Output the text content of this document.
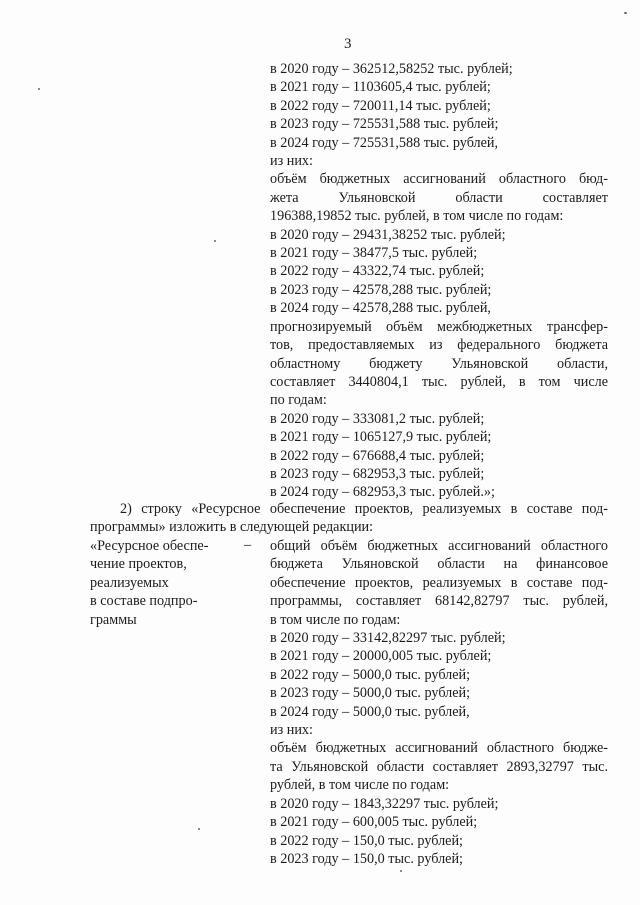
3
в 2020 году – 362512,58252 тыс. рублей;
в 2021 году – 1103605,4 тыс. рублей;
в 2022 году – 720011,14 тыс. рублей;
в 2023 году – 725531,588 тыс. рублей;
в 2024 году – 725531,588 тыс. рублей,
из них:
объём бюджетных ассигнований областного бюд-
жета Ульяновской области составляет
196388,19852 тыс. рублей, в том числе по годам:
в 2020 году – 29431,38252 тыс. рублей;
в 2021 году – 38477,5 тыс. рублей;
в 2022 году – 43322,74 тыс. рублей;
в 2023 году – 42578,288 тыс. рублей;
в 2024 году – 42578,288 тыс. рублей,
прогнозируемый объём межбюджетных трансфер-
тов, предоставляемых из федерального бюджета
областному бюджету Ульяновской области,
составляет 3440804,1 тыс. рублей, в том числе
по годам:
в 2020 году – 333081,2 тыс. рублей;
в 2021 году – 1065127,9 тыс. рублей;
в 2022 году – 676688,4 тыс. рублей;
в 2023 году – 682953,3 тыс. рублей;
в 2024 году – 682953,3 тыс. рублей.»;
2) строку «Ресурсное обеспечение проектов, реализуемых в составе под-
программы» изложить в следующей редакции:
«Ресурсное обеспе-
чение проектов,
реализуемых
в составе подпро-
граммы
– общий объём бюджетных ассигнований областного
бюджета Ульяновской области на финансовое
обеспечение проектов, реализуемых в составе под-
программы, составляет 68142,82797 тыс. рублей,
в том числе по годам:
в 2020 году – 33142,82297 тыс. рублей;
в 2021 году – 20000,005 тыс. рублей;
в 2022 году – 5000,0 тыс. рублей;
в 2023 году – 5000,0 тыс. рублей;
в 2024 году – 5000,0 тыс. рублей,
из них:
объём бюджетных ассигнований областного бюдже-
та Ульяновской области составляет 2893,32797 тыс.
рублей, в том числе по годам:
в 2020 году – 1843,32297 тыс. рублей;
в 2021 году – 600,005 тыс. рублей;
в 2022 году – 150,0 тыс. рублей;
в 2023 году – 150,0 тыс. рублей;
